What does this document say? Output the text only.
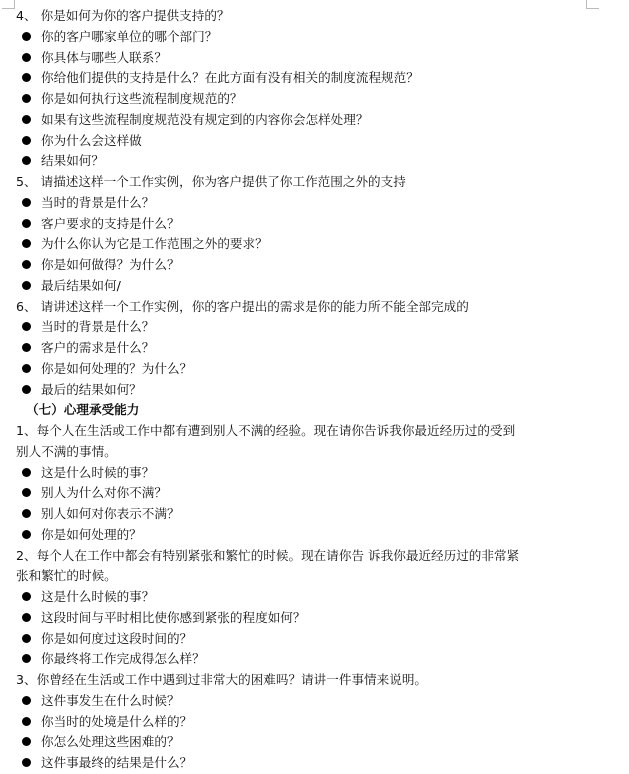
4、 你是如何为你的客户提供支持的？
你的客户哪家单位的哪个部门？
你具体与哪些人联系？
你给他们提供的支持是什么？在此方面有没有相关的制度流程规范？
你是如何执行这些流程制度规范的？
如果有这些流程制度规范没有规定到的内容你会怎样处理？
你为什么会这样做
结果如何？
5、 请描述这样一个工作实例，你为客户提供了你工作范围之外的支持
当时的背景是什么？
客户要求的支持是什么？
为什么你认为它是工作范围之外的要求？
你是如何做得？为什么？
最后结果如何/
6、 请讲述这样一个工作实例，你的客户提出的需求是你的能力所不能全部完成的
当时的背景是什么？
客户的需求是什么？
你是如何处理的？为什么？
最后的结果如何？
（七）心理承受能力
1、每个人在生活或工作中都有遭到别人不满的经验。现在请你告诉我你最近经历过的受到
别人不满的事情。
这是什么时候的事？
别人为什么对你不满？
别人如何对你表示不满？
你是如何处理的？
2、每个人在工作中都会有特别紧张和繁忙的时候。现在请你告 诉我你最近经历过的非常紧
张和繁忙的时候。
这是什么时候的事？
这段时间与平时相比使你感到紧张的程度如何？
你是如何度过这段时间的？
你最终将工作完成得怎么样？
3、你曾经在生活或工作中遇到过非常大的困难吗？请讲一件事情来说明。
这件事发生在什么时候？
你当时的处境是什么样的？
你怎么处理这些困难的？
这件事最终的结果是什么？
